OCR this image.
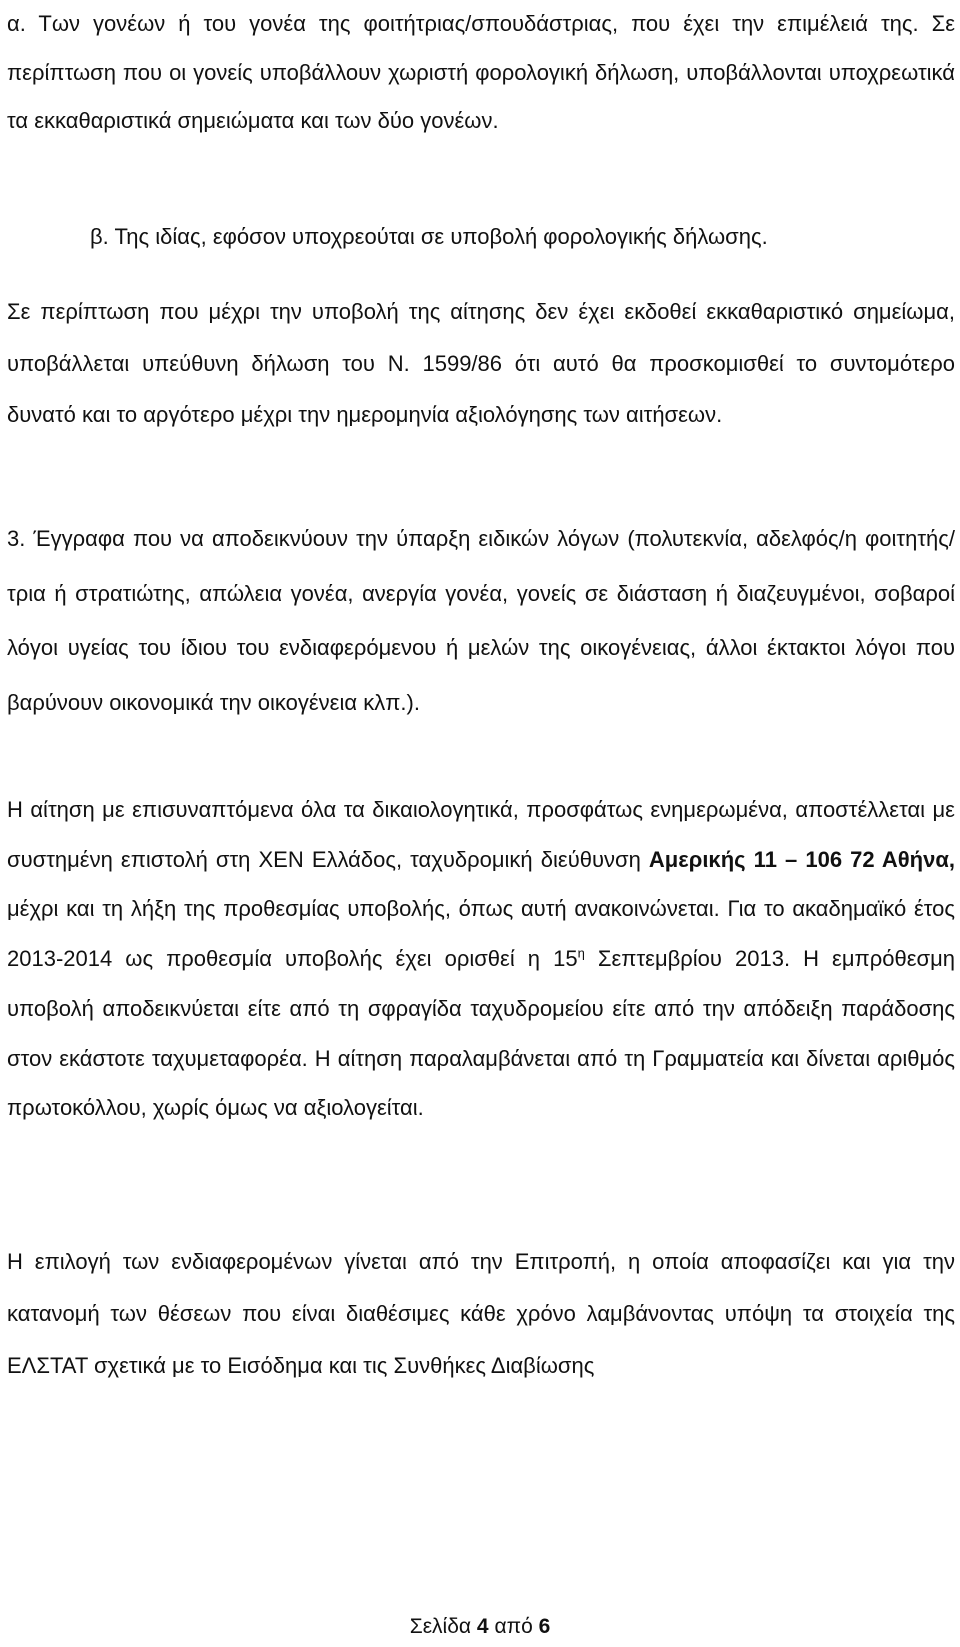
α. Των γονέων ή του γονέα της φοιτήτριας/σπουδάστριας, που έχει την επιμέλειά της. Σε περίπτωση που οι γονείς υποβάλλουν χωριστή φορολογική δήλωση, υποβάλλονται υποχρεωτικά τα εκκαθαριστικά σημειώματα και των δύο γονέων.

β. Της ιδίας, εφόσον υποχρεούται σε υποβολή φορολογικής δήλωσης.

Σε περίπτωση που μέχρι την υποβολή της αίτησης δεν έχει εκδοθεί εκκαθαριστικό σημείωμα, υποβάλλεται υπεύθυνη δήλωση του Ν. 1599/86 ότι αυτό θα προσκομισθεί το συντομότερο δυνατό και το αργότερο μέχρι την ημερομηνία αξιολόγησης των αιτήσεων.

3. Έγγραφα που να αποδεικνύουν την ύπαρξη ειδικών λόγων (πολυτεκνία, αδελφός/η φοιτητής/τρια ή στρατιώτης, απώλεια γονέα, ανεργία γονέα, γονείς σε διάσταση ή διαζευγμένοι, σοβαροί λόγοι υγείας του ίδιου του ενδιαφερόμενου ή μελών της οικογένειας, άλλοι έκτακτοι λόγοι που βαρύνουν οικονομικά την οικογένεια κλπ.).

Η αίτηση με επισυναπτόμενα όλα τα δικαιολογητικά, προσφάτως ενημερωμένα, αποστέλλεται με συστημένη επιστολή στη ΧΕΝ Ελλάδος, ταχυδρομική διεύθυνση Αμερικής 11 – 106 72 Αθήνα, μέχρι και τη λήξη της προθεσμίας υποβολής, όπως αυτή ανακοινώνεται. Για το ακαδημαϊκό έτος 2013-2014 ως προθεσμία υποβολής έχει ορισθεί η $15^\eta$ Σεπτεμβρίου 2013. Η εμπρόθεσμη υποβολή αποδεικνύεται είτε από τη σφραγίδα ταχυδρομείου είτε από την απόδειξη παράδοσης στον εκάστοτε ταχυμεταφορέα. Η αίτηση παραλαμβάνεται από τη Γραμματεία και δίνεται αριθμός πρωτοκόλλου, χωρίς όμως να αξιολογείται.

Η επιλογή των ενδιαφερομένων γίνεται από την Επιτροπή, η οποία αποφασίζει και για την κατανομή των θέσεων που είναι διαθέσιμες κάθε χρόνο λαμβάνοντας υπόψη τα στοιχεία της ΕΛΣΤΑΤ σχετικά με το Εισόδημα και τις Συνθήκες Διαβίωσης

Σελίδα 4 από 6
